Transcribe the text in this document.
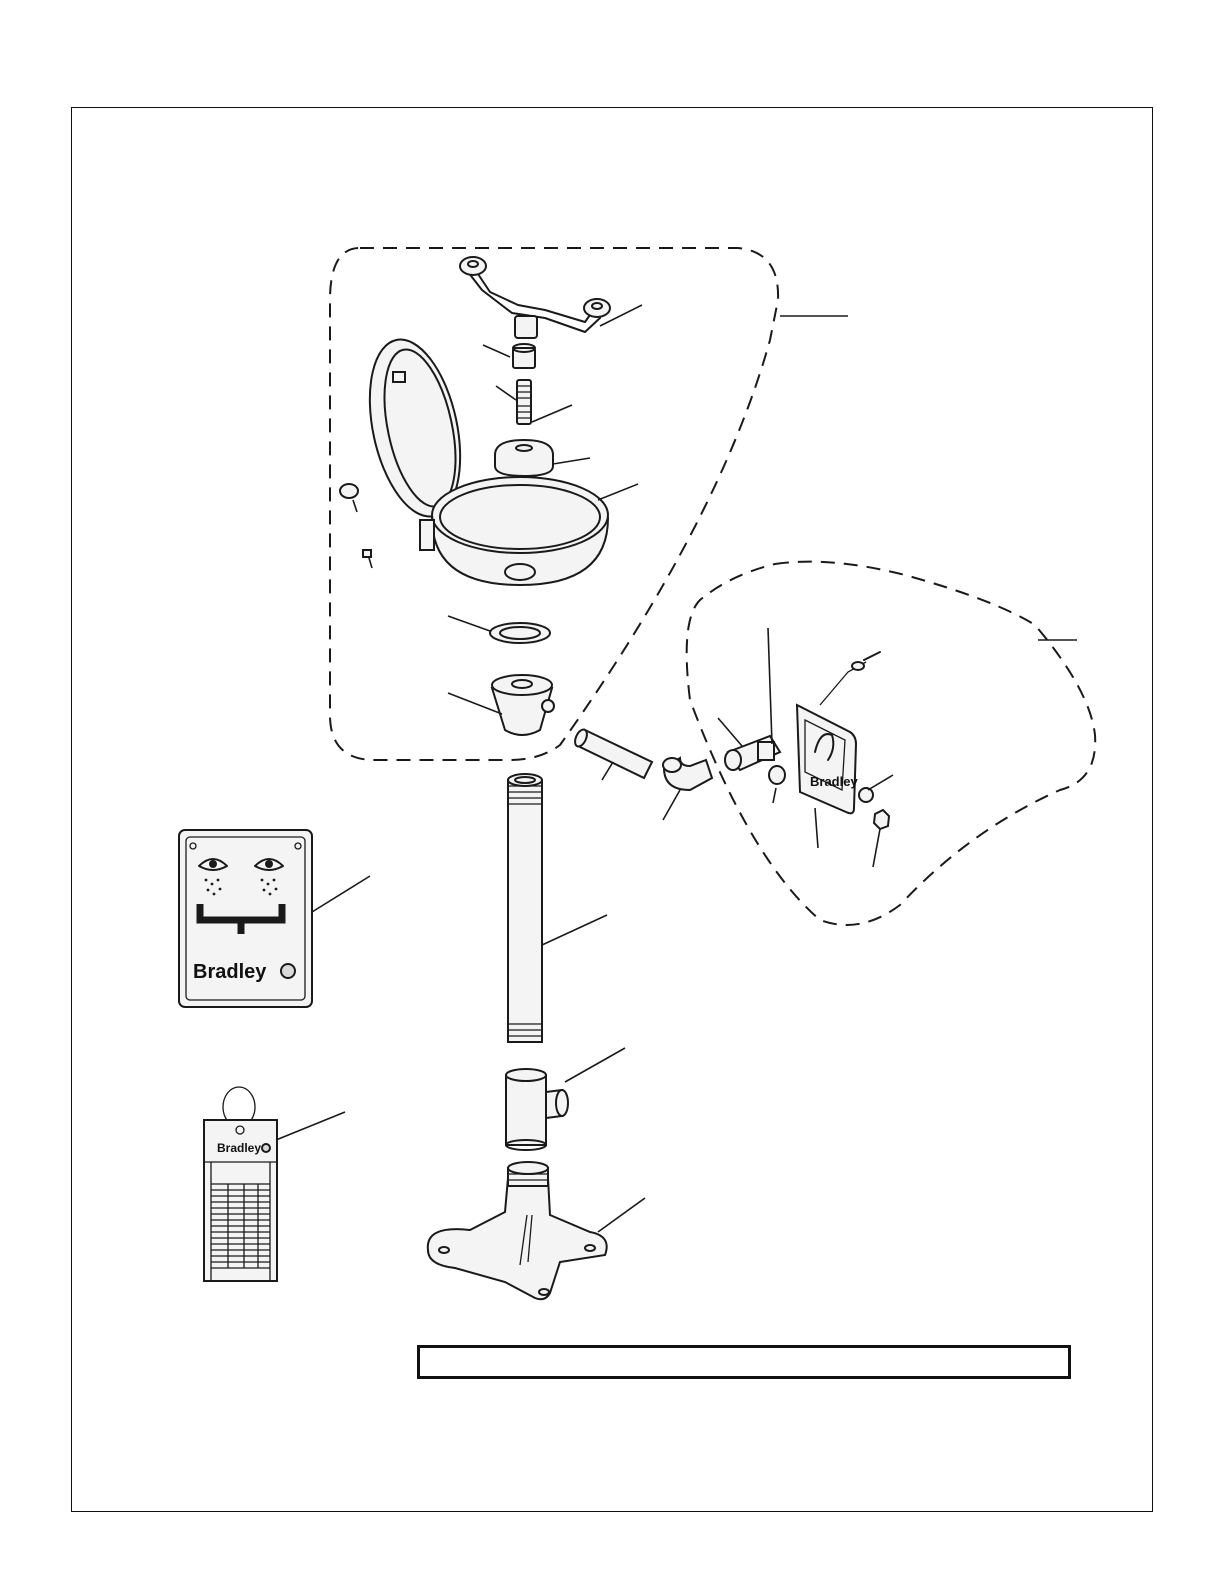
Bradley
Bradley
Bradley
